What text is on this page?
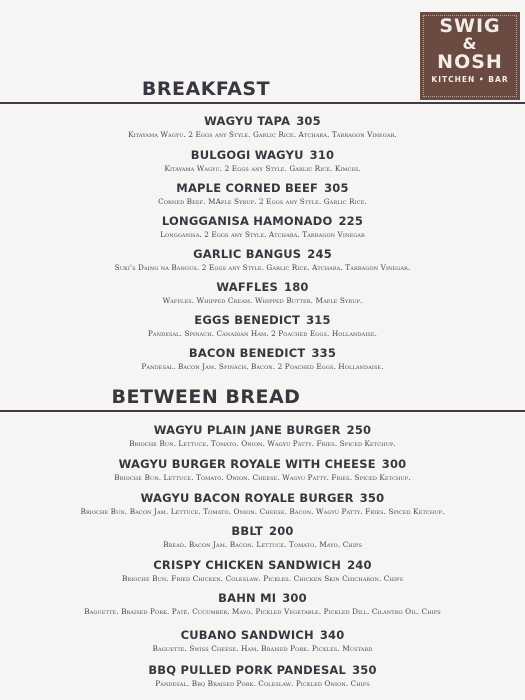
SWIG
&
NOSH
KITCHEN • BAR
BREAKFAST
WAGYU TAPA 305
Kitayama Wagyu. 2 Eggs any Style. Garlic Rice. Atchara. Tarragon Vinegar.
BULGOGI WAGYU 310
Kitayama Wagyu. 2 Eggs any Style. Garlic Rice. Kimchi.
MAPLE CORNED BEEF 305
Corned Beef. MAple Syrup. 2 Eggs any Style. Garlic Rice.
LONGGANISA HAMONADO 225
Longganisa. 2 Eggs any Style. Atchara. Tarragon Vinegar
GARLIC BANGUS 245
Suki's Daing na Bangus. 2 Eggs any Style. Garlic Rice. Atchara. Tarragon Vinegar.
WAFFLES 180
Waffles. Whipped Cream. Whipped Butter. Maple Syrup.
EGGS BENEDICT 315
Pandesal. Spinach. Canadian Ham. 2 Poached Eggs. Hollandaise.
BACON BENEDICT 335
Pandesal. Bacon Jam. Spinach. Bacon. 2 Poached Eggs. Hollandaise.
BETWEEN BREAD
WAGYU PLAIN JANE BURGER 250
Brioche Bun. Lettuce. Tomato. Onion. Wagyu Patty. Fries. Spiced Ketchup.
WAGYU BURGER ROYALE WITH CHEESE 300
Brioche Bun. Lettuce. Tomato. Onion. Cheese. Wagyu Patty. Fries. Spiced Ketchup.
WAGYU BACON ROYALE BURGER 350
Brioche Bun. Bacon Jam. Lettuce. Tomato. Onion. Cheese. Bacon. Wagyu Patty. Fries. Spiced Ketchup.
BBLT 200
Bread. Bacon Jam. Bacon. Lettuce. Tomato. Mayo. Chips
CRISPY CHICKEN SANDWICH 240
Brioche Bun. Fried Chicken. Coleslaw. Pickles. Chicken Skin Chicharon. Chips
BAHN MI 300
Baguette. Braised Pork. Patê. Cucumber. Mayo. Pickled Vegetable. Pickled Dill. Cilantro Oil. Chips
CUBANO SANDWICH 340
Baguette. Swiss Cheese. Ham. Braised Pork. Pickles. Mustard
BBQ PULLED PORK PANDESAL 350
Pandesal. Bbq Braised Pork. Coleslaw. Pickled Onion. Chips
